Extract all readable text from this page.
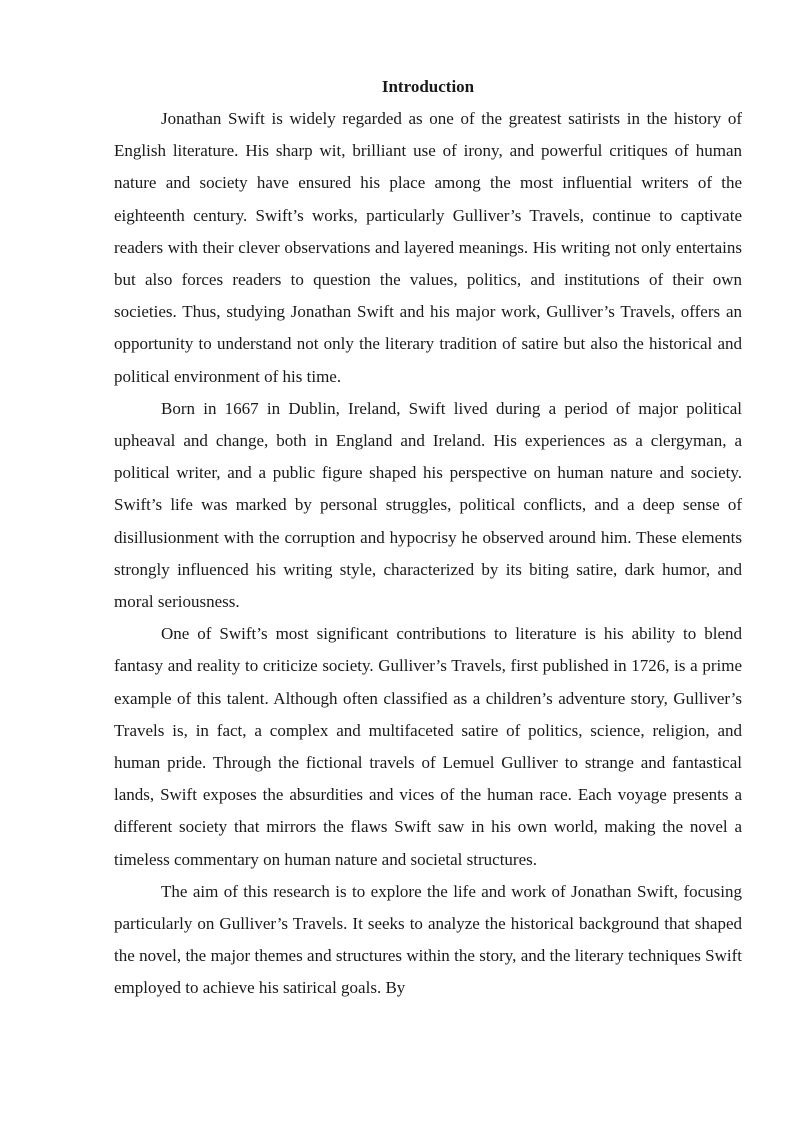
Introduction

Jonathan Swift is widely regarded as one of the greatest satirists in the history of English literature. His sharp wit, brilliant use of irony, and powerful critiques of human nature and society have ensured his place among the most influential writers of the eighteenth century. Swift’s works, particularly Gulliver’s Travels, continue to captivate readers with their clever observations and layered meanings. His writing not only entertains but also forces readers to question the values, politics, and institutions of their own societies. Thus, studying Jonathan Swift and his major work, Gulliver’s Travels, offers an opportunity to understand not only the literary tradition of satire but also the historical and political environment of his time.

Born in 1667 in Dublin, Ireland, Swift lived during a period of major political upheaval and change, both in England and Ireland. His experiences as a clergyman, a political writer, and a public figure shaped his perspective on human nature and society. Swift’s life was marked by personal struggles, political conflicts, and a deep sense of disillusionment with the corruption and hypocrisy he observed around him. These elements strongly influenced his writing style, characterized by its biting satire, dark humor, and moral seriousness.

One of Swift’s most significant contributions to literature is his ability to blend fantasy and reality to criticize society. Gulliver’s Travels, first published in 1726, is a prime example of this talent. Although often classified as a children’s adventure story, Gulliver’s Travels is, in fact, a complex and multifaceted satire of politics, science, religion, and human pride. Through the fictional travels of Lemuel Gulliver to strange and fantastical lands, Swift exposes the absurdities and vices of the human race. Each voyage presents a different society that mirrors the flaws Swift saw in his own world, making the novel a timeless commentary on human nature and societal structures.

The aim of this research is to explore the life and work of Jonathan Swift, focusing particularly on Gulliver’s Travels. It seeks to analyze the historical background that shaped the novel, the major themes and structures within the story, and the literary techniques Swift employed to achieve his satirical goals. By
